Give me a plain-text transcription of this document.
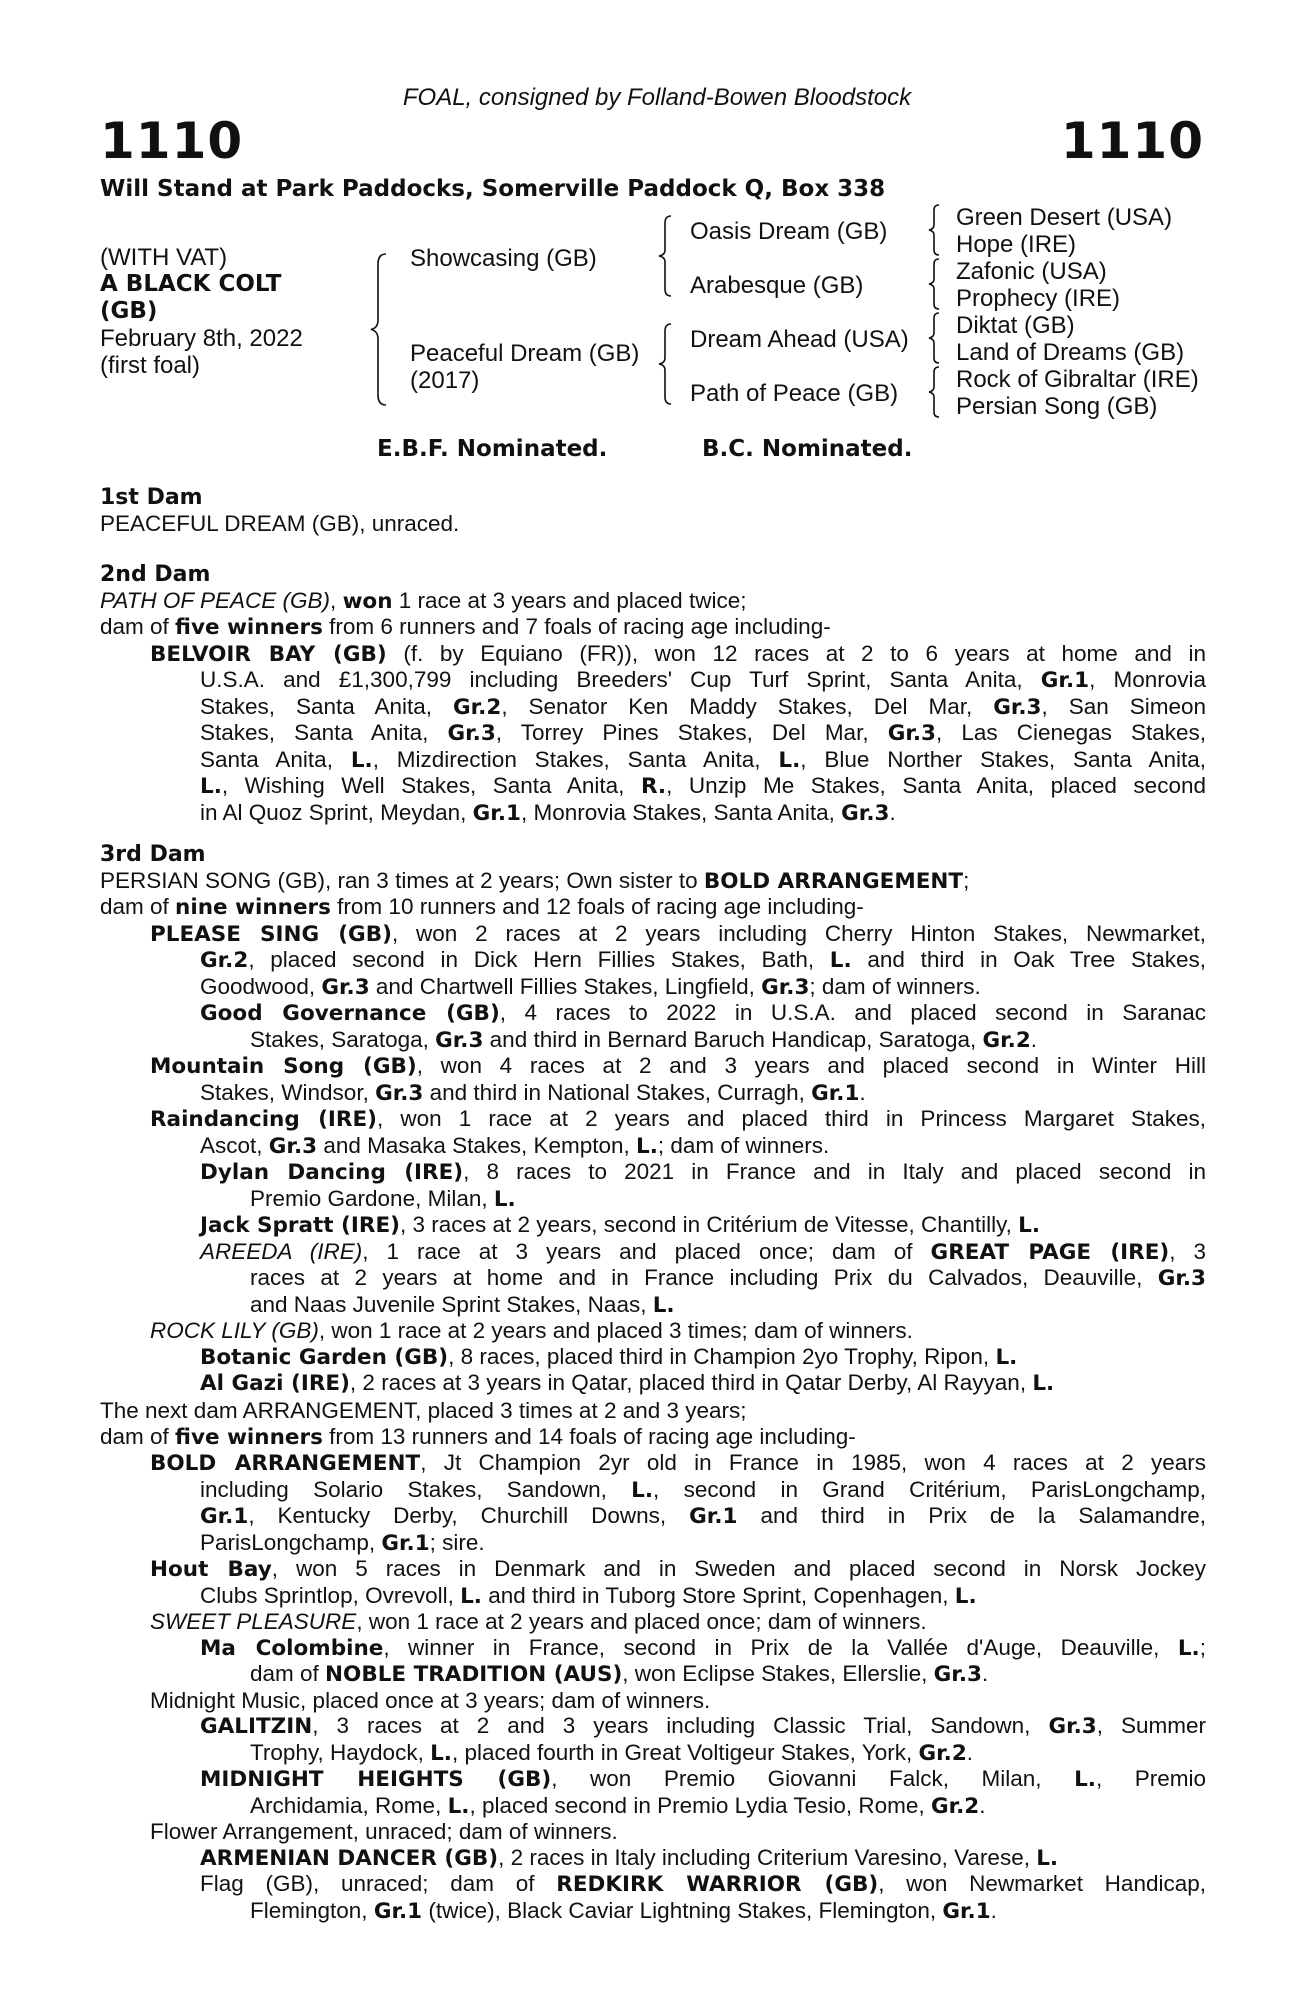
FOAL, consigned by Folland-Bowen Bloodstock
1110	1110
Will Stand at Park Paddocks, Somerville Paddock Q, Box 338
(WITH VAT)
A BLACK COLT
(GB)
February 8th, 2022
(first foal)
Showcasing (GB)
Peaceful Dream (GB)
(2017)
Oasis Dream (GB)
Arabesque (GB)
Dream Ahead (USA)
Path of Peace (GB)
Green Desert (USA)
Hope (IRE)
Zafonic (USA)
Prophecy (IRE)
Diktat (GB)
Land of Dreams (GB)
Rock of Gibraltar (IRE)
Persian Song (GB)
E.B.F. Nominated.	B.C. Nominated.
1st Dam
PEACEFUL DREAM (GB), unraced.
2nd Dam
PATH OF PEACE (GB), won 1 race at 3 years and placed twice;
dam of five winners from 6 runners and 7 foals of racing age including-
BELVOIR BAY (GB) (f. by Equiano (FR)), won 12 races at 2 to 6 years at home and in
U.S.A. and £1,300,799 including Breeders' Cup Turf Sprint, Santa Anita, Gr.1, Monrovia
Stakes, Santa Anita, Gr.2, Senator Ken Maddy Stakes, Del Mar, Gr.3, San Simeon
Stakes, Santa Anita, Gr.3, Torrey Pines Stakes, Del Mar, Gr.3, Las Cienegas Stakes,
Santa Anita, L., Mizdirection Stakes, Santa Anita, L., Blue Norther Stakes, Santa Anita,
L., Wishing Well Stakes, Santa Anita, R., Unzip Me Stakes, Santa Anita, placed second
in Al Quoz Sprint, Meydan, Gr.1, Monrovia Stakes, Santa Anita, Gr.3.
3rd Dam
PERSIAN SONG (GB), ran 3 times at 2 years; Own sister to BOLD ARRANGEMENT;
dam of nine winners from 10 runners and 12 foals of racing age including-
PLEASE SING (GB), won 2 races at 2 years including Cherry Hinton Stakes, Newmarket,
Gr.2, placed second in Dick Hern Fillies Stakes, Bath, L. and third in Oak Tree Stakes,
Goodwood, Gr.3 and Chartwell Fillies Stakes, Lingfield, Gr.3; dam of winners.
Good Governance (GB), 4 races to 2022 in U.S.A. and placed second in Saranac
Stakes, Saratoga, Gr.3 and third in Bernard Baruch Handicap, Saratoga, Gr.2.
Mountain Song (GB), won 4 races at 2 and 3 years and placed second in Winter Hill
Stakes, Windsor, Gr.3 and third in National Stakes, Curragh, Gr.1.
Raindancing (IRE), won 1 race at 2 years and placed third in Princess Margaret Stakes,
Ascot, Gr.3 and Masaka Stakes, Kempton, L.; dam of winners.
Dylan Dancing (IRE), 8 races to 2021 in France and in Italy and placed second in
Premio Gardone, Milan, L.
Jack Spratt (IRE), 3 races at 2 years, second in Critérium de Vitesse, Chantilly, L.
AREEDA (IRE), 1 race at 3 years and placed once; dam of GREAT PAGE (IRE), 3
races at 2 years at home and in France including Prix du Calvados, Deauville, Gr.3
and Naas Juvenile Sprint Stakes, Naas, L.
ROCK LILY (GB), won 1 race at 2 years and placed 3 times; dam of winners.
Botanic Garden (GB), 8 races, placed third in Champion 2yo Trophy, Ripon, L.
Al Gazi (IRE), 2 races at 3 years in Qatar, placed third in Qatar Derby, Al Rayyan, L.
The next dam ARRANGEMENT, placed 3 times at 2 and 3 years;
dam of five winners from 13 runners and 14 foals of racing age including-
BOLD ARRANGEMENT, Jt Champion 2yr old in France in 1985, won 4 races at 2 years
including Solario Stakes, Sandown, L., second in Grand Critérium, ParisLongchamp,
Gr.1, Kentucky Derby, Churchill Downs, Gr.1 and third in Prix de la Salamandre,
ParisLongchamp, Gr.1; sire.
Hout Bay, won 5 races in Denmark and in Sweden and placed second in Norsk Jockey
Clubs Sprintlop, Ovrevoll, L. and third in Tuborg Store Sprint, Copenhagen, L.
SWEET PLEASURE, won 1 race at 2 years and placed once; dam of winners.
Ma Colombine, winner in France, second in Prix de la Vallée d'Auge, Deauville, L.;
dam of NOBLE TRADITION (AUS), won Eclipse Stakes, Ellerslie, Gr.3.
Midnight Music, placed once at 3 years; dam of winners.
GALITZIN, 3 races at 2 and 3 years including Classic Trial, Sandown, Gr.3, Summer
Trophy, Haydock, L., placed fourth in Great Voltigeur Stakes, York, Gr.2.
MIDNIGHT HEIGHTS (GB), won Premio Giovanni Falck, Milan, L., Premio
Archidamia, Rome, L., placed second in Premio Lydia Tesio, Rome, Gr.2.
Flower Arrangement, unraced; dam of winners.
ARMENIAN DANCER (GB), 2 races in Italy including Criterium Varesino, Varese, L.
Flag (GB), unraced; dam of REDKIRK WARRIOR (GB), won Newmarket Handicap,
Flemington, Gr.1 (twice), Black Caviar Lightning Stakes, Flemington, Gr.1.
